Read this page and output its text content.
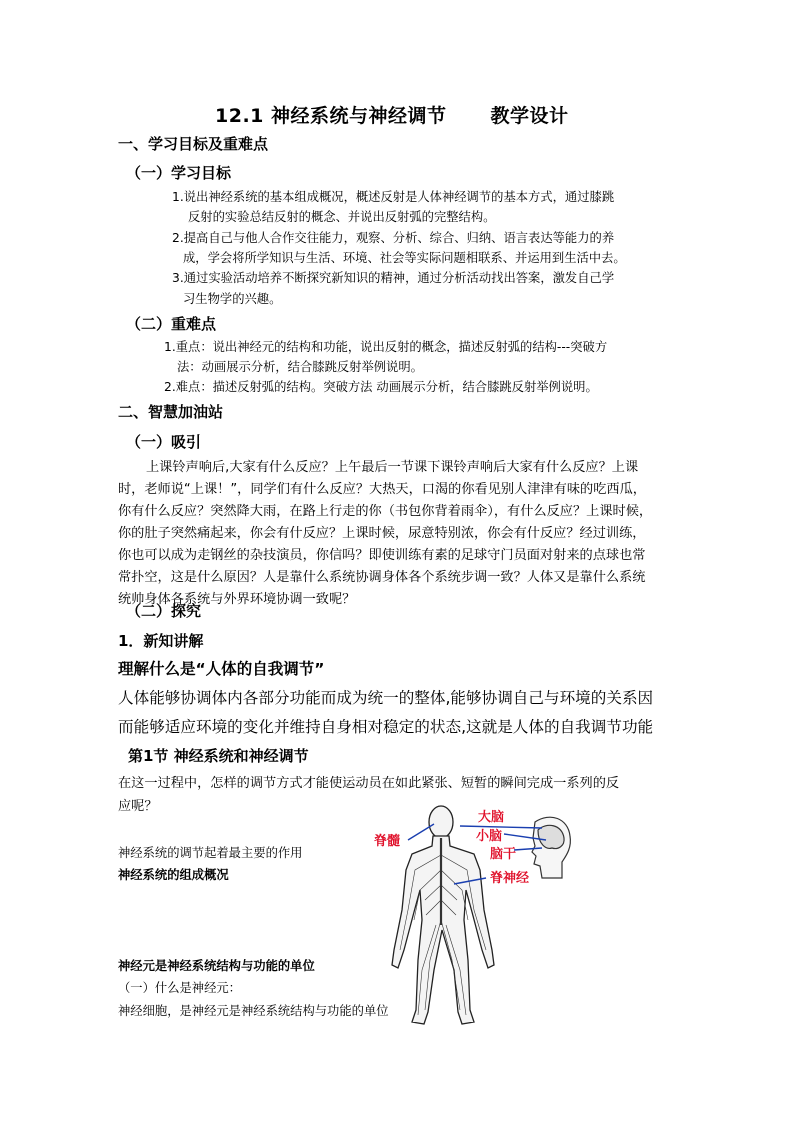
12.1 神经系统与神经调节 教学设计
一、学习目标及重难点
（一）学习目标
1.说出神经系统的基本组成概况，概述反射是人体神经调节的基本方式，通过膝跳
反射的实验总结反射的概念、并说出反射弧的完整结构。
2.提高自己与他人合作交往能力，观察、分析、综合、归纳、语言表达等能力的养
成，学会将所学知识与生活、环境、社会等实际问题相联系、并运用到生活中去。
3.通过实验活动培养不断探究新知识的精神，通过分析活动找出答案，激发自己学
习生物学的兴趣。
（二）重难点
1.重点：说出神经元的结构和功能，说出反射的概念，描述反射弧的结构---突破方
法：动画展示分析，结合膝跳反射举例说明。
2.难点：描述反射弧的结构。突破方法 动画展示分析，结合膝跳反射举例说明。
二、智慧加油站
（一）吸引
上课铃声响后,大家有什么反应？上午最后一节课下课铃声响后大家有什么反应？上课
时，老师说“上课！”，同学们有什么反应？大热天，口渴的你看见别人津津有味的吃西瓜，
你有什么反应？突然降大雨，在路上行走的你（书包你背着雨伞），有什么反应？上课时候，
你的肚子突然痛起来，你会有什反应？上课时候，尿意特别浓，你会有什反应？经过训练，
你也可以成为走钢丝的杂技演员，你信吗？即使训练有素的足球守门员面对射来的点球也常
常扑空，这是什么原因？人是靠什么系统协调身体各个系统步调一致？人体又是靠什么系统
统帅身体各系统与外界环境协调一致呢？
（二）探究
1．新知讲解
理解什么是“人体的自我调节”
人体能够协调体内各部分功能而成为统一的整体,能够协调自己与环境的关系因
而能够适应环境的变化并维持自身相对稳定的状态,这就是人体的自我调节功能
第1节 神经系统和神经调节
在这一过程中，怎样的调节方式才能使运动员在如此紧张、短暂的瞬间完成一系列的反
应呢？
神经系统的调节起着最主要的作用
神经系统的组成概况
神经元是神经系统结构与功能的单位
（一）什么是神经元：
脊髓
大脑
小脑
脑干
脊神经
神经细胞，是神经元是神经系统结构与功能的单位
